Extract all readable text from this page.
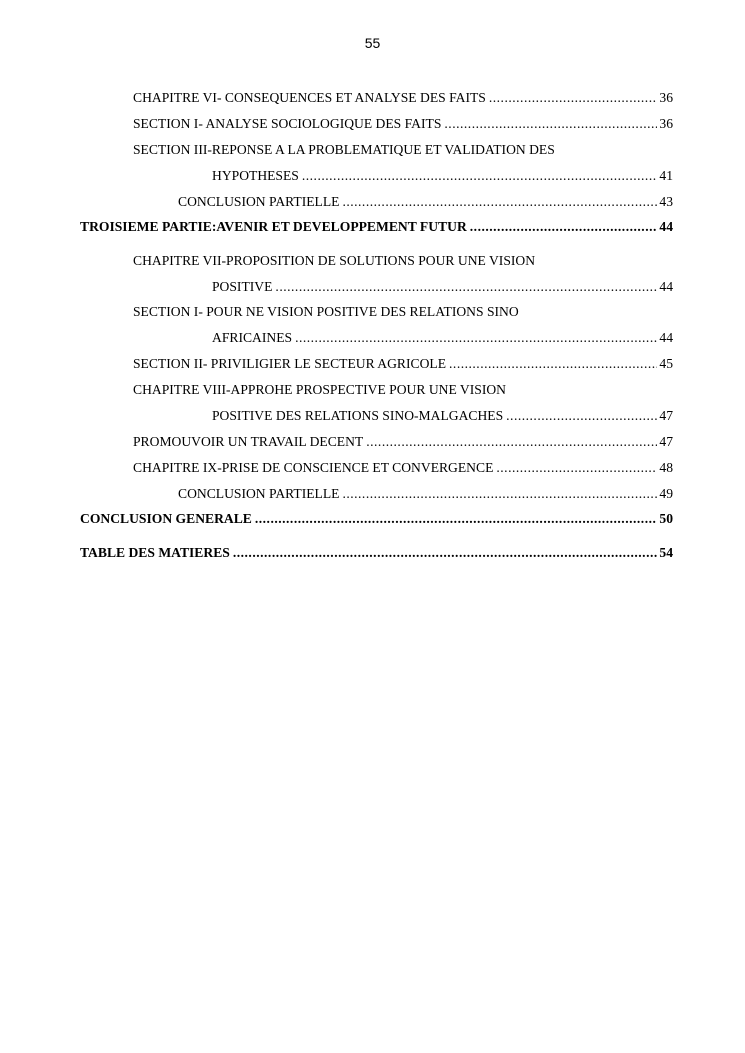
55
CHAPITRE VI- CONSEQUENCES ET ANALYSE DES FAITS .....	36
SECTION I- ANALYSE SOCIOLOGIQUE DES FAITS .....	36
SECTION III-REPONSE A LA PROBLEMATIQUE ET VALIDATION DES
HYPOTHESES .....	41
CONCLUSION PARTIELLE .....	43
TROISIEME PARTIE:AVENIR ET DEVELOPPEMENT FUTUR .....	44
CHAPITRE VII-PROPOSITION DE SOLUTIONS POUR UNE VISION
POSITIVE .....	44
SECTION I- POUR NE VISION POSITIVE DES RELATIONS SINO
AFRICAINES .....	44
SECTION II- PRIVILIGIER LE SECTEUR AGRICOLE .....	45
CHAPITRE VIII-APPROHE PROSPECTIVE POUR UNE VISION
POSITIVE DES RELATIONS SINO-MALGACHES .....	47
PROMOUVOIR UN TRAVAIL DECENT .....	47
CHAPITRE IX-PRISE DE CONSCIENCE ET CONVERGENCE .....	48
CONCLUSION PARTIELLE .....	49
CONCLUSION GENERALE .....	50
TABLE DES MATIERES .....	54
